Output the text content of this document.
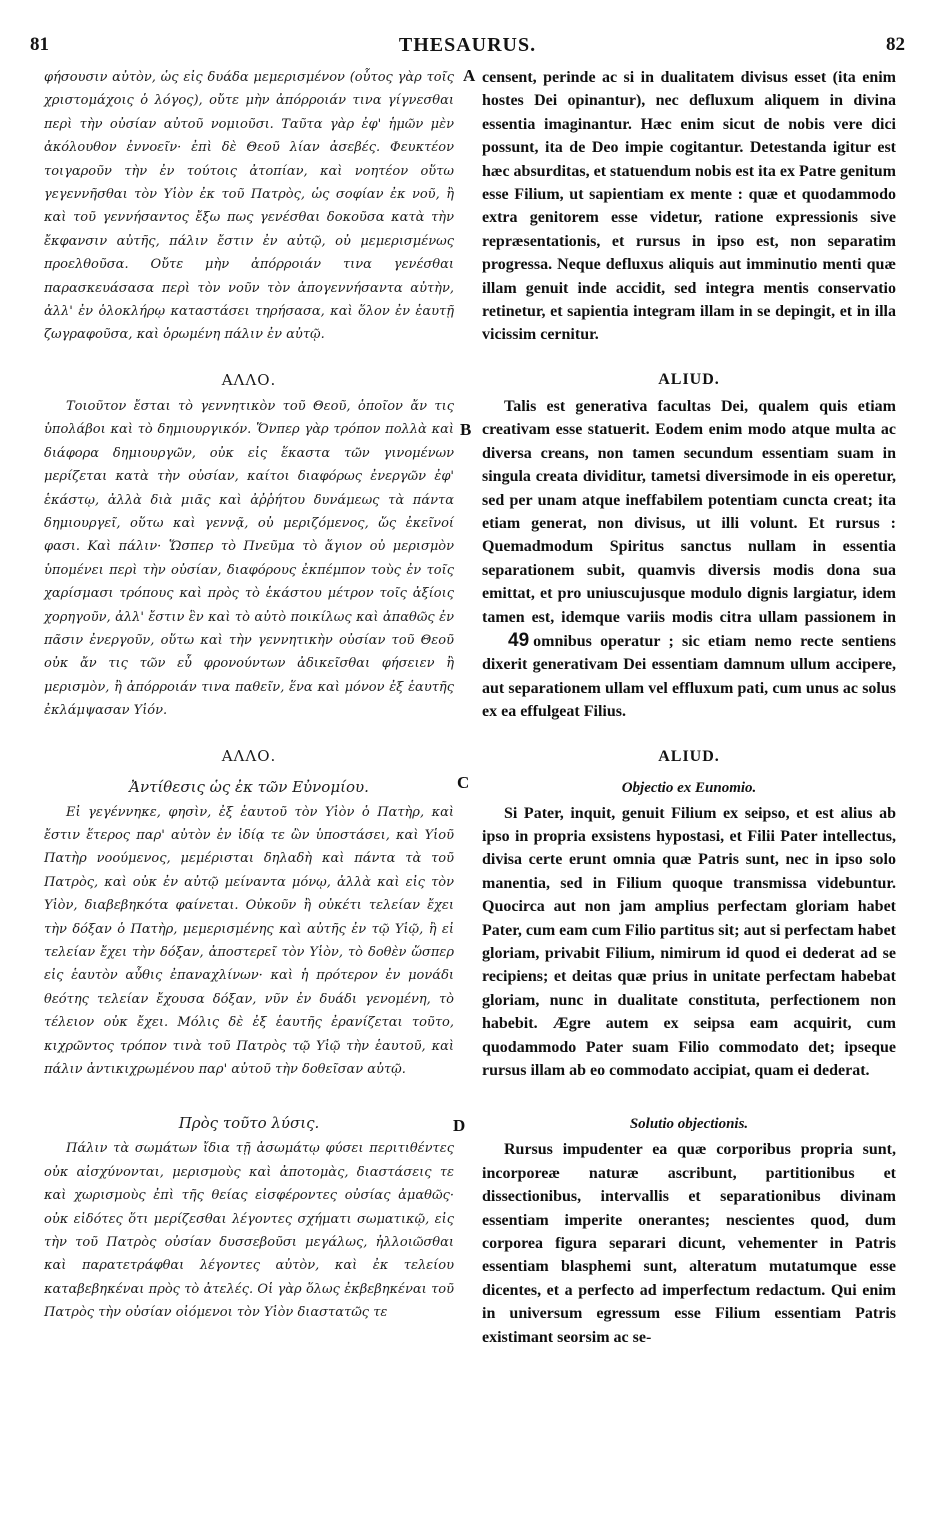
81	THESAURUS.	82

φήσουσιν αὐτὸν, ὡς εἰς δυάδα μεμερισμένον (οὗτος γὰρ τοῖς χριστομάχοις ὁ λόγος), οὔτε μὴν ἀπόρροιάν τινα γίγνεσθαι περὶ τὴν οὐσίαν αὐτοῦ νομιοῦσι. Ταῦτα γὰρ ἐφ' ἡμῶν μὲν ἀκόλουθον ἐννοεῖν· ἐπὶ δὲ Θεοῦ λίαν ἀσεβές. Φευκτέον τοιγαροῦν τὴν ἐν τούτοις ἀτοπίαν, καὶ νοητέον οὕτω γεγεννῆσθαι τὸν Υἱὸν ἐκ τοῦ Πατρὸς, ὡς σοφίαν ἐκ νοῦ, ἢ καὶ τοῦ γεννήσαντος ἔξω πως γενέσθαι δοκοῦσα κατὰ τὴν ἔκφανσιν αὐτῆς, πάλιν ἔστιν ἐν αὐτῷ, οὐ μεμερισμένως προελθοῦσα. Οὔτε μὴν ἀπόρροιάν τινα γενέσθαι παρασκευάσασα περὶ τὸν νοῦν τὸν ἀπογεννήσαντα αὐτὴν, ἀλλ' ἐν ὁλοκλήρῳ καταστάσει τηρήσασα, καὶ ὅλον ἐν ἑαυτῇ ζωγραφοῦσα, καὶ ὁρωμένη πάλιν ἐν αὐτῷ.

ΑΛΛΟ.

Τοιοῦτον ἔσται τὸ γεννητικὸν τοῦ Θεοῦ, ὁποῖον ἄν τις ὑπολάβοι καὶ τὸ δημιουργικόν. Ὅνπερ γὰρ τρόπον πολλὰ καὶ διάφορα δημιουργῶν, οὐκ εἰς ἕκαστα τῶν γινομένων μερίζεται κατὰ τὴν οὐσίαν, καίτοι διαφόρως ἐνεργῶν ἐφ' ἑκάστῳ, ἀλλὰ διὰ μιᾶς καὶ ἀῤῥήτου δυνάμεως τὰ πάντα δημιουργεῖ, οὕτω καὶ γεννᾷ, οὐ μεριζόμενος, ὥς ἐκεῖνοί φασι. Καὶ πάλιν· Ὥσπερ τὸ Πνεῦμα τὸ ἅγιον οὐ μερισμὸν ὑπομένει περὶ τὴν οὐσίαν, διαφόρους ἐκπέμπον τοὺς ἐν τοῖς χαρίσμασι τρόπους καὶ πρὸς τὸ ἑκάστου μέτρον τοῖς ἀξίοις χορηγοῦν, ἀλλ' ἔστιν ἓν καὶ τὸ αὐτὸ ποικίλως καὶ ἀπαθῶς ἐν πᾶσιν ἐνεργοῦν, οὕτω καὶ τὴν γεννητικὴν οὐσίαν τοῦ Θεοῦ οὐκ ἄν τις τῶν εὖ φρονούντων ἀδικεῖσθαι φήσειεν ἢ μερισμὸν, ἢ ἀπόρροιάν τινα παθεῖν, ἕνα καὶ μόνον ἐξ ἑαυτῆς ἐκλάμψασαν Υἱόν.

ΑΛΛΟ.

Ἀντίθεσις ὡς ἐκ τῶν Εὐνομίου.

Εἰ γεγέννηκε, φησὶν, ἐξ ἑαυτοῦ τὸν Υἱὸν ὁ Πατὴρ, καὶ ἔστιν ἕτερος παρ' αὐτὸν ἐν ἰδίᾳ τε ὢν ὑποστάσει, καὶ Υἱοῦ Πατὴρ νοούμενος, μεμέρισται δηλαδὴ καὶ πάντα τὰ τοῦ Πατρὸς, καὶ οὐκ ἐν αὐτῷ μείναντα μόνῳ, ἀλλὰ καὶ εἰς τὸν Υἱὸν, διαβεβηκότα φαίνεται. Οὐκοῦν ἢ οὐκέτι τελείαν ἔχει τὴν δόξαν ὁ Πατὴρ, μεμερισμένης καὶ αὐτῆς ἐν τῷ Υἱῷ, ἢ εἰ τελείαν ἔχει τὴν δόξαν, ἀποστερεῖ τὸν Υἱὸν, τὸ δοθὲν ὥσπερ εἰς ἑαυτὸν αὖθις ἐπαναχλίνων· καὶ ἡ πρότερον ἐν μονάδι θεότης τελείαν ἔχουσα δόξαν, νῦν ἐν δυάδι γενομένη, τὸ τέλειον οὐκ ἔχει. Μόλις δὲ ἐξ ἑαυτῆς ἐρανίζεται τοῦτο, κιχρῶντος τρόπον τινὰ τοῦ Πατρὸς τῷ Υἱῷ τὴν ἑαυτοῦ, καὶ πάλιν ἀντικιχρωμένου παρ' αὐτοῦ τὴν δοθεῖσαν αὐτῷ.

Πρὸς τοῦτο λύσις.

Πάλιν τὰ σωμάτων ἴδια τῇ ἀσωμάτῳ φύσει περιτιθέντες οὐκ αἰσχύνονται, μερισμοὺς καὶ ἀποτομὰς, διαστάσεις τε καὶ χωρισμοὺς ἐπὶ τῆς θείας εἰσφέροντες οὐσίας ἀμαθῶς· οὐκ εἰδότες ὅτι μερίζεσθαι λέγοντες σχήματι σωματικῷ, εἰς τὴν τοῦ Πατρὸς οὐσίαν δυσσεβοῦσι μεγάλως, ἠλλοιῶσθαι καὶ παρατετράφθαι λέγοντες αὐτὸν, καὶ ἐκ τελείου καταβεβηκέναι πρὸς τὸ ἀτελές. Οἱ γὰρ ὅλως ἐκβεβηκέναι τοῦ Πατρὸς τὴν οὐσίαν οἰόμενοι τὸν Υἱὸν διαστατῶς τε

censent, perinde ac si in dualitatem divisus esset (ita enim hostes Dei opinantur), nec defluxum aliquem in divina essentia imaginantur. Hæc enim sicut de nobis vere dici possunt, ita de Deo impie cogitantur. Detestanda igitur est hæc absurditas, et statuendum nobis est ita ex Patre genitum esse Filium, ut sapientiam ex mente : quæ et quodammodo extra genitorem esse videtur, ratione expressionis sive repræsentationis, et rursus in ipso est, non separatim progressa. Neque defluxus aliquis aut imminutio menti quæ illam genuit inde accidit, sed integra mentis conservatio retinetur, et sapientia integram illam in se depingit, et in illa vicissim cernitur.

ALIUD.

Talis est generativa facultas Dei, qualem quis etiam creativam esse statuerit. Eodem enim modo atque multa ac diversa creans, non tamen secundum essentiam suam in singula creata dividitur, tametsi diversimode in eis operetur, sed per unam atque ineffabilem potentiam cuncta creat; ita etiam generat, non divisus, ut illi volunt. Et rursus : Quemadmodum Spiritus sanctus nullam in essentia separationem subit, quamvis diversis modis dona sua emittat, et pro uniuscujusque modulo dignis largiatur, idem tamen est, idemque variis modis citra ullam passionem in49 omnibus operatur ; sic etiam nemo recte sentiens dixerit generativam Dei essentiam damnum ullum accipere, aut separationem ullam vel effluxum pati, cum unus ac solus ex ea effulgeat Filius.

ALIUD.

Objectio ex Eunomio.

Si Pater, inquit, genuit Filium ex seipso, et est alius ab ipso in propria exsistens hypostasi, et Filii Pater intellectus, divisa certe erunt omnia quæ Patris sunt, nec in ipso solo manentia, sed in Filium quoque transmissa videbuntur. Quocirca aut non jam amplius perfectam gloriam habet Pater, cum eam cum Filio partitus sit; aut si perfectam habet gloriam, privabit Filium, nimirum id quod ei dederat ad se recipiens; et deitas quæ prius in unitate perfectam habebat gloriam, nunc in dualitate constituta, perfectionem non habebit. Ægre autem ex seipsa eam acquirit, cum quodammodo Pater suam Filio commodato det; ipseque rursus illam ab eo commodato accipiat, quam ei dederat.

Solutio objectionis.

Rursus impudenter ea quæ corporibus propria sunt, incorporeæ naturæ ascribunt, partitionibus et dissectionibus, intervallis et separationibus divinam essentiam imperite onerantes; nescientes quod, dum corporea figura separari dicunt, vehementer in Patris essentiam blasphemi sunt, alteratum mutatumque esse dicentes, et a perfecto ad imperfectum redactum. Qui enim in universum egressum esse Filium essentiam Patris existimant seorsim ac se-

A
B
C
D
